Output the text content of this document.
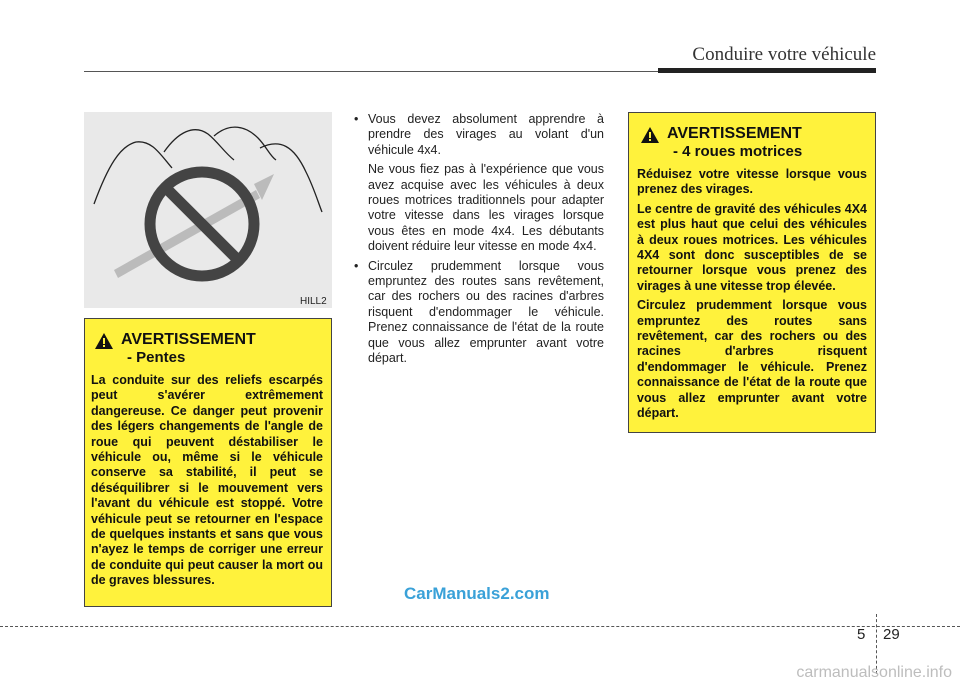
Conduire votre véhicule
HILL2
AVERTISSEMENT
- Pentes

La conduite sur des reliefs escarpés peut s'avérer extrêmement dangereuse. Ce danger peut provenir des légers changements de l'angle de roue qui peuvent déstabiliser le véhicule ou, même si le véhicule conserve sa stabilité, il peut se déséquilibrer si le mouvement vers l'avant du véhicule est stoppé. Votre véhicule peut se retourner en l'espace de quelques instants et sans que vous n'ayez le temps de corriger une erreur de conduite qui peut causer la mort ou de graves blessures.

• Vous devez absolument apprendre à prendre des virages au volant d'un véhicule 4x4.

Ne vous fiez pas à l'expérience que vous avez acquise avec les véhicules à deux roues motrices traditionnels pour adapter votre vitesse dans les virages lorsque vous êtes en mode 4x4. Les débutants doivent réduire leur vitesse en mode 4x4.

• Circulez prudemment lorsque vous empruntez des routes sans revêtement, car des rochers ou des racines d'arbres risquent d'endommager le véhicule. Prenez connaissance de l'état de la route que vous allez emprunter avant votre départ.

AVERTISSEMENT
- 4 roues motrices

Réduisez votre vitesse lorsque vous prenez des virages.

Le centre de gravité des véhicules 4X4 est plus haut que celui des véhicules à deux roues motrices. Les véhicules 4X4 sont donc susceptibles de se retourner lorsque vous prenez des virages à une vitesse trop élevée.

Circulez prudemment lorsque vous empruntez des routes sans revêtement, car des rochers ou des racines d'arbres risquent d'endommager le véhicule. Prenez connaissance de l'état de la route que vous allez emprunter avant votre départ.

CarManuals2.com
5 29
carmanualsonline.info
